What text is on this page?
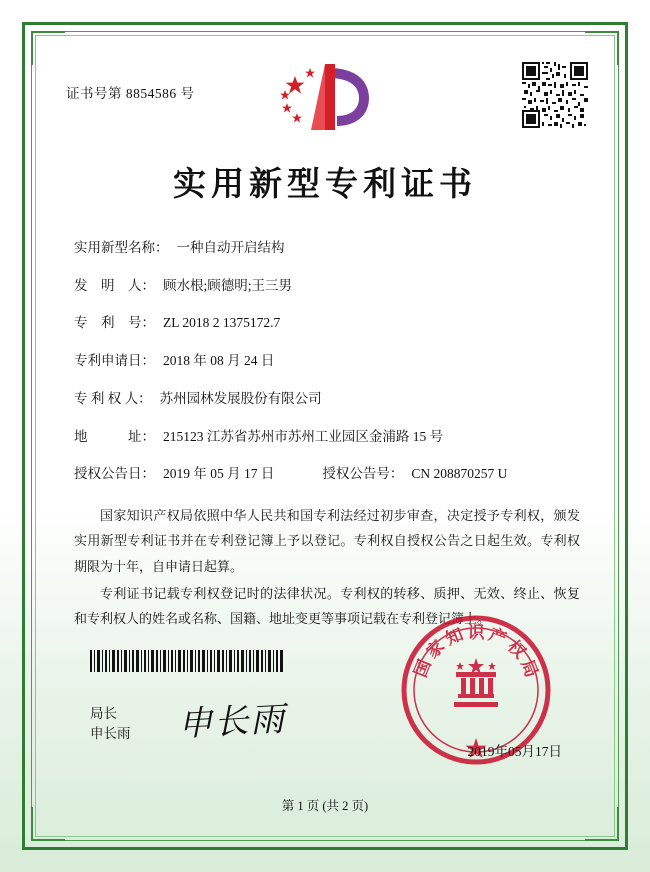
证书号第 8854586 号
实用新型专利证书
实用新型名称： 一种自动开启结构
发　明　人： 顾水根;顾德明;王三男
专　利　号： ZL 2018 2 1375172.7
专利申请日： 2018 年 08 月 24 日
专 利 权 人： 苏州园林发展股份有限公司
地　　　址： 215123 江苏省苏州市苏州工业园区金浦路 15 号
授权公告日： 2019 年 05 月 17 日	授权公告号： CN 208870257 U

国家知识产权局依照中华人民共和国专利法经过初步审查，决定授予专利权，颁发实用新型专利证书并在专利登记簿上予以登记。专利权自授权公告之日起生效。专利权期限为十年，自申请日起算。

专利证书记载专利权登记时的法律状况。专利权的转移、质押、无效、终止、恢复和专利权人的姓名或名称、国籍、地址变更等事项记载在专利登记簿上。

局长
申长雨	申长雨
国
家
知 识 产
权
局
2019年05月17日
第 1 页 (共 2 页)
